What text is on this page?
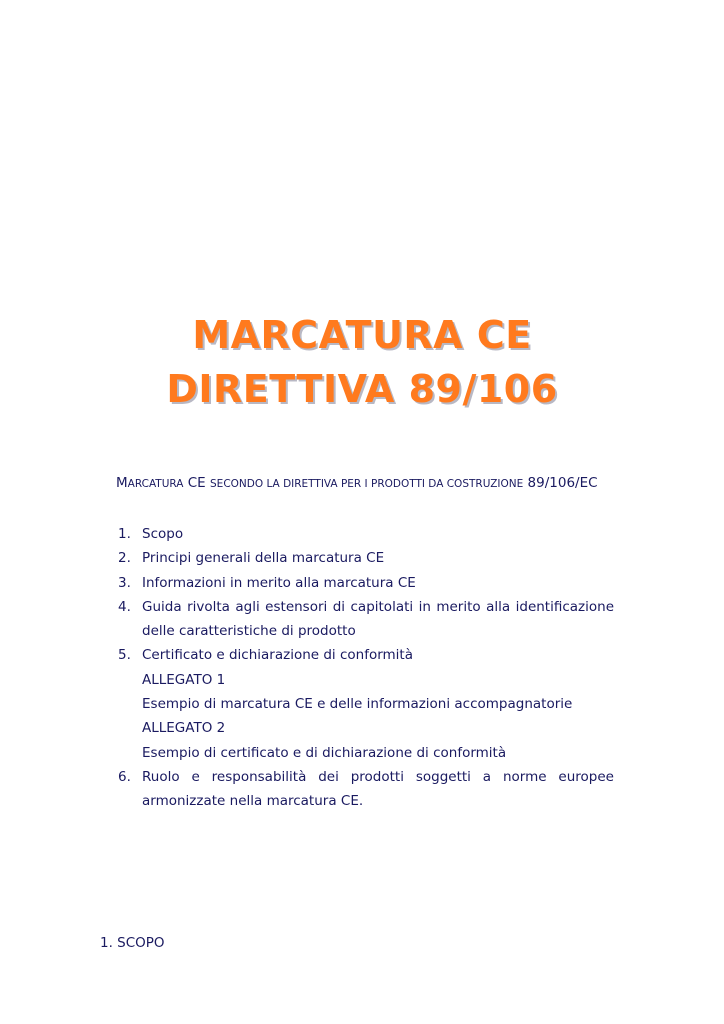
MARCATURA CE

DIRETTIVA 89/106

MARCATURA CE SECONDO LA DIRETTIVA PER I PRODOTTI DA COSTRUZIONE 89/106/EC
1. Scopo
2. Principi generali della marcatura CE
3. Informazioni in merito alla marcatura CE
4. Guida rivolta agli estensori di capitolati in merito alla identificazione delle caratteristiche di prodotto
5. Certificato e dichiarazione di conformità
ALLEGATO 1
Esempio di marcatura CE e delle informazioni accompagnatorie
ALLEGATO 2
Esempio di certificato e di dichiarazione di conformità
6. Ruolo e responsabilità dei prodotti soggetti a norme europee armonizzate nella marcatura CE.
1. SCOPO
